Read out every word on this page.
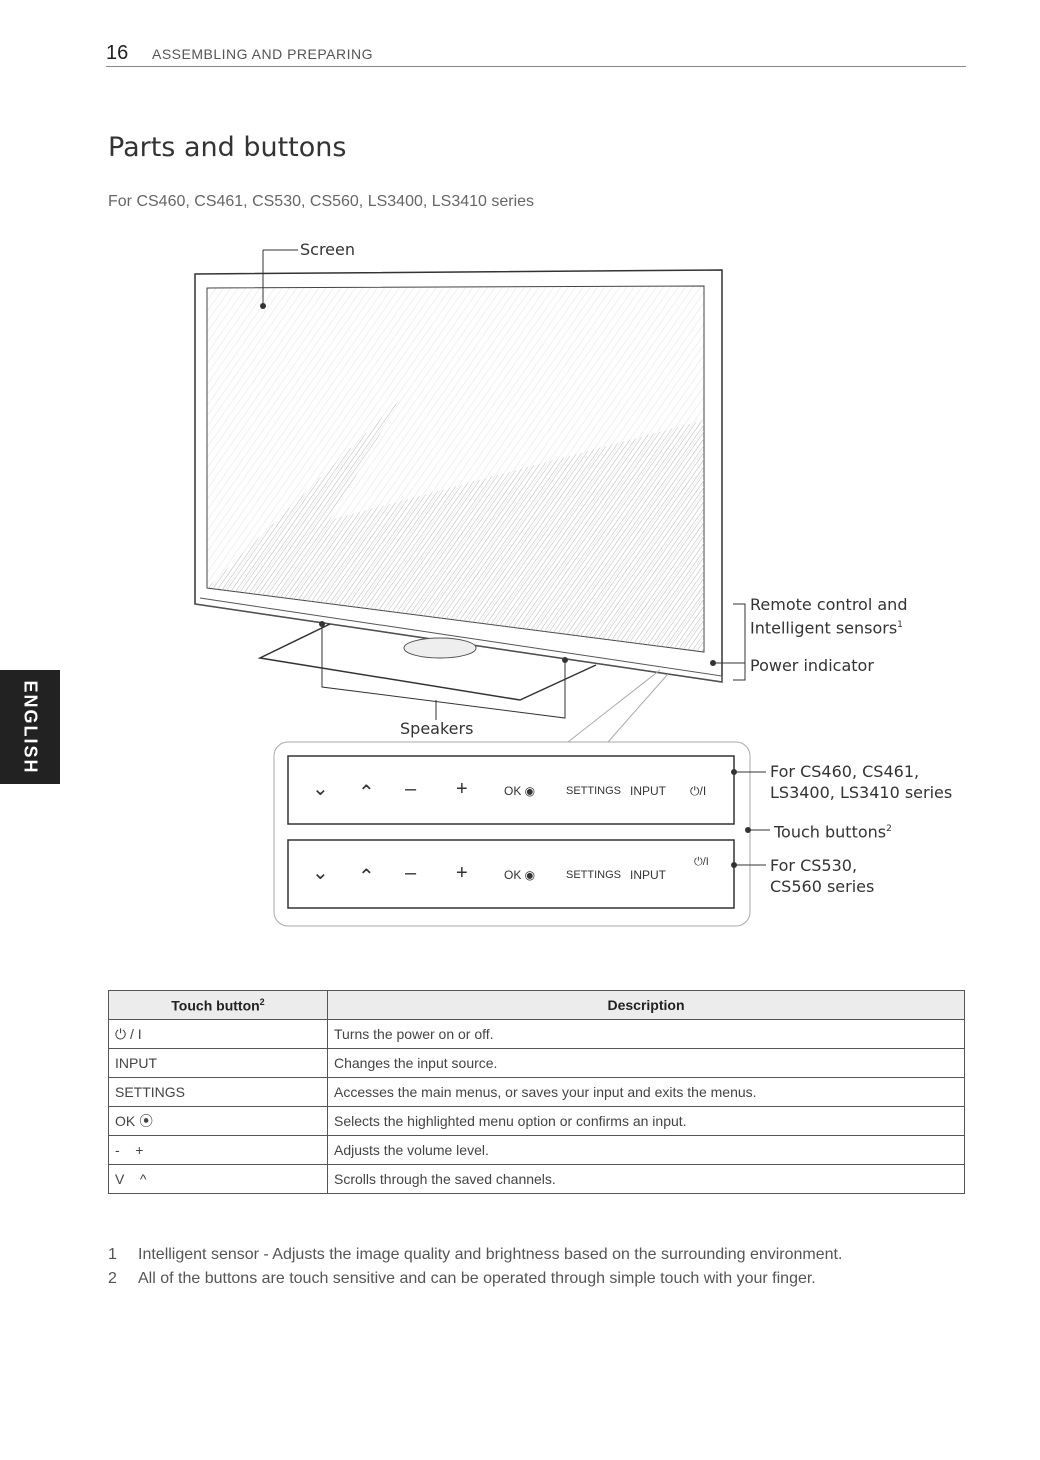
16 ASSEMBLING AND PREPARING
Parts and buttons
For CS460, CS461, CS530, CS560, LS3400, LS3410 series
ENGLISH
Screen
Remote control and
Intelligent sensors$^1$
Power indicator
Speakers
For CS460, CS461,
LS3400, LS3410 series
Touch buttons$^2$
For CS530,
CS560 series
⌄ ⌃ – +	OK ◉	SETTINGS INPUT ⏻/I
⌄ ⌃ – +	OK ◉	SETTINGS INPUT
⏻/I
Touch button$^2$	Description
⏻ / I	Turns the power on or off.
INPUT	Changes the input source.
SETTINGS	Accesses the main menus, or saves your input and exits the menus.
OK ⦿	Selects the highlighted menu option or confirms an input.
-    +	Adjusts the volume level.
V    ^	Scrolls through the saved channels.
1 Intelligent sensor - Adjusts the image quality and brightness based on the surrounding environment.
2 All of the buttons are touch sensitive and can be operated through simple touch with your finger.
